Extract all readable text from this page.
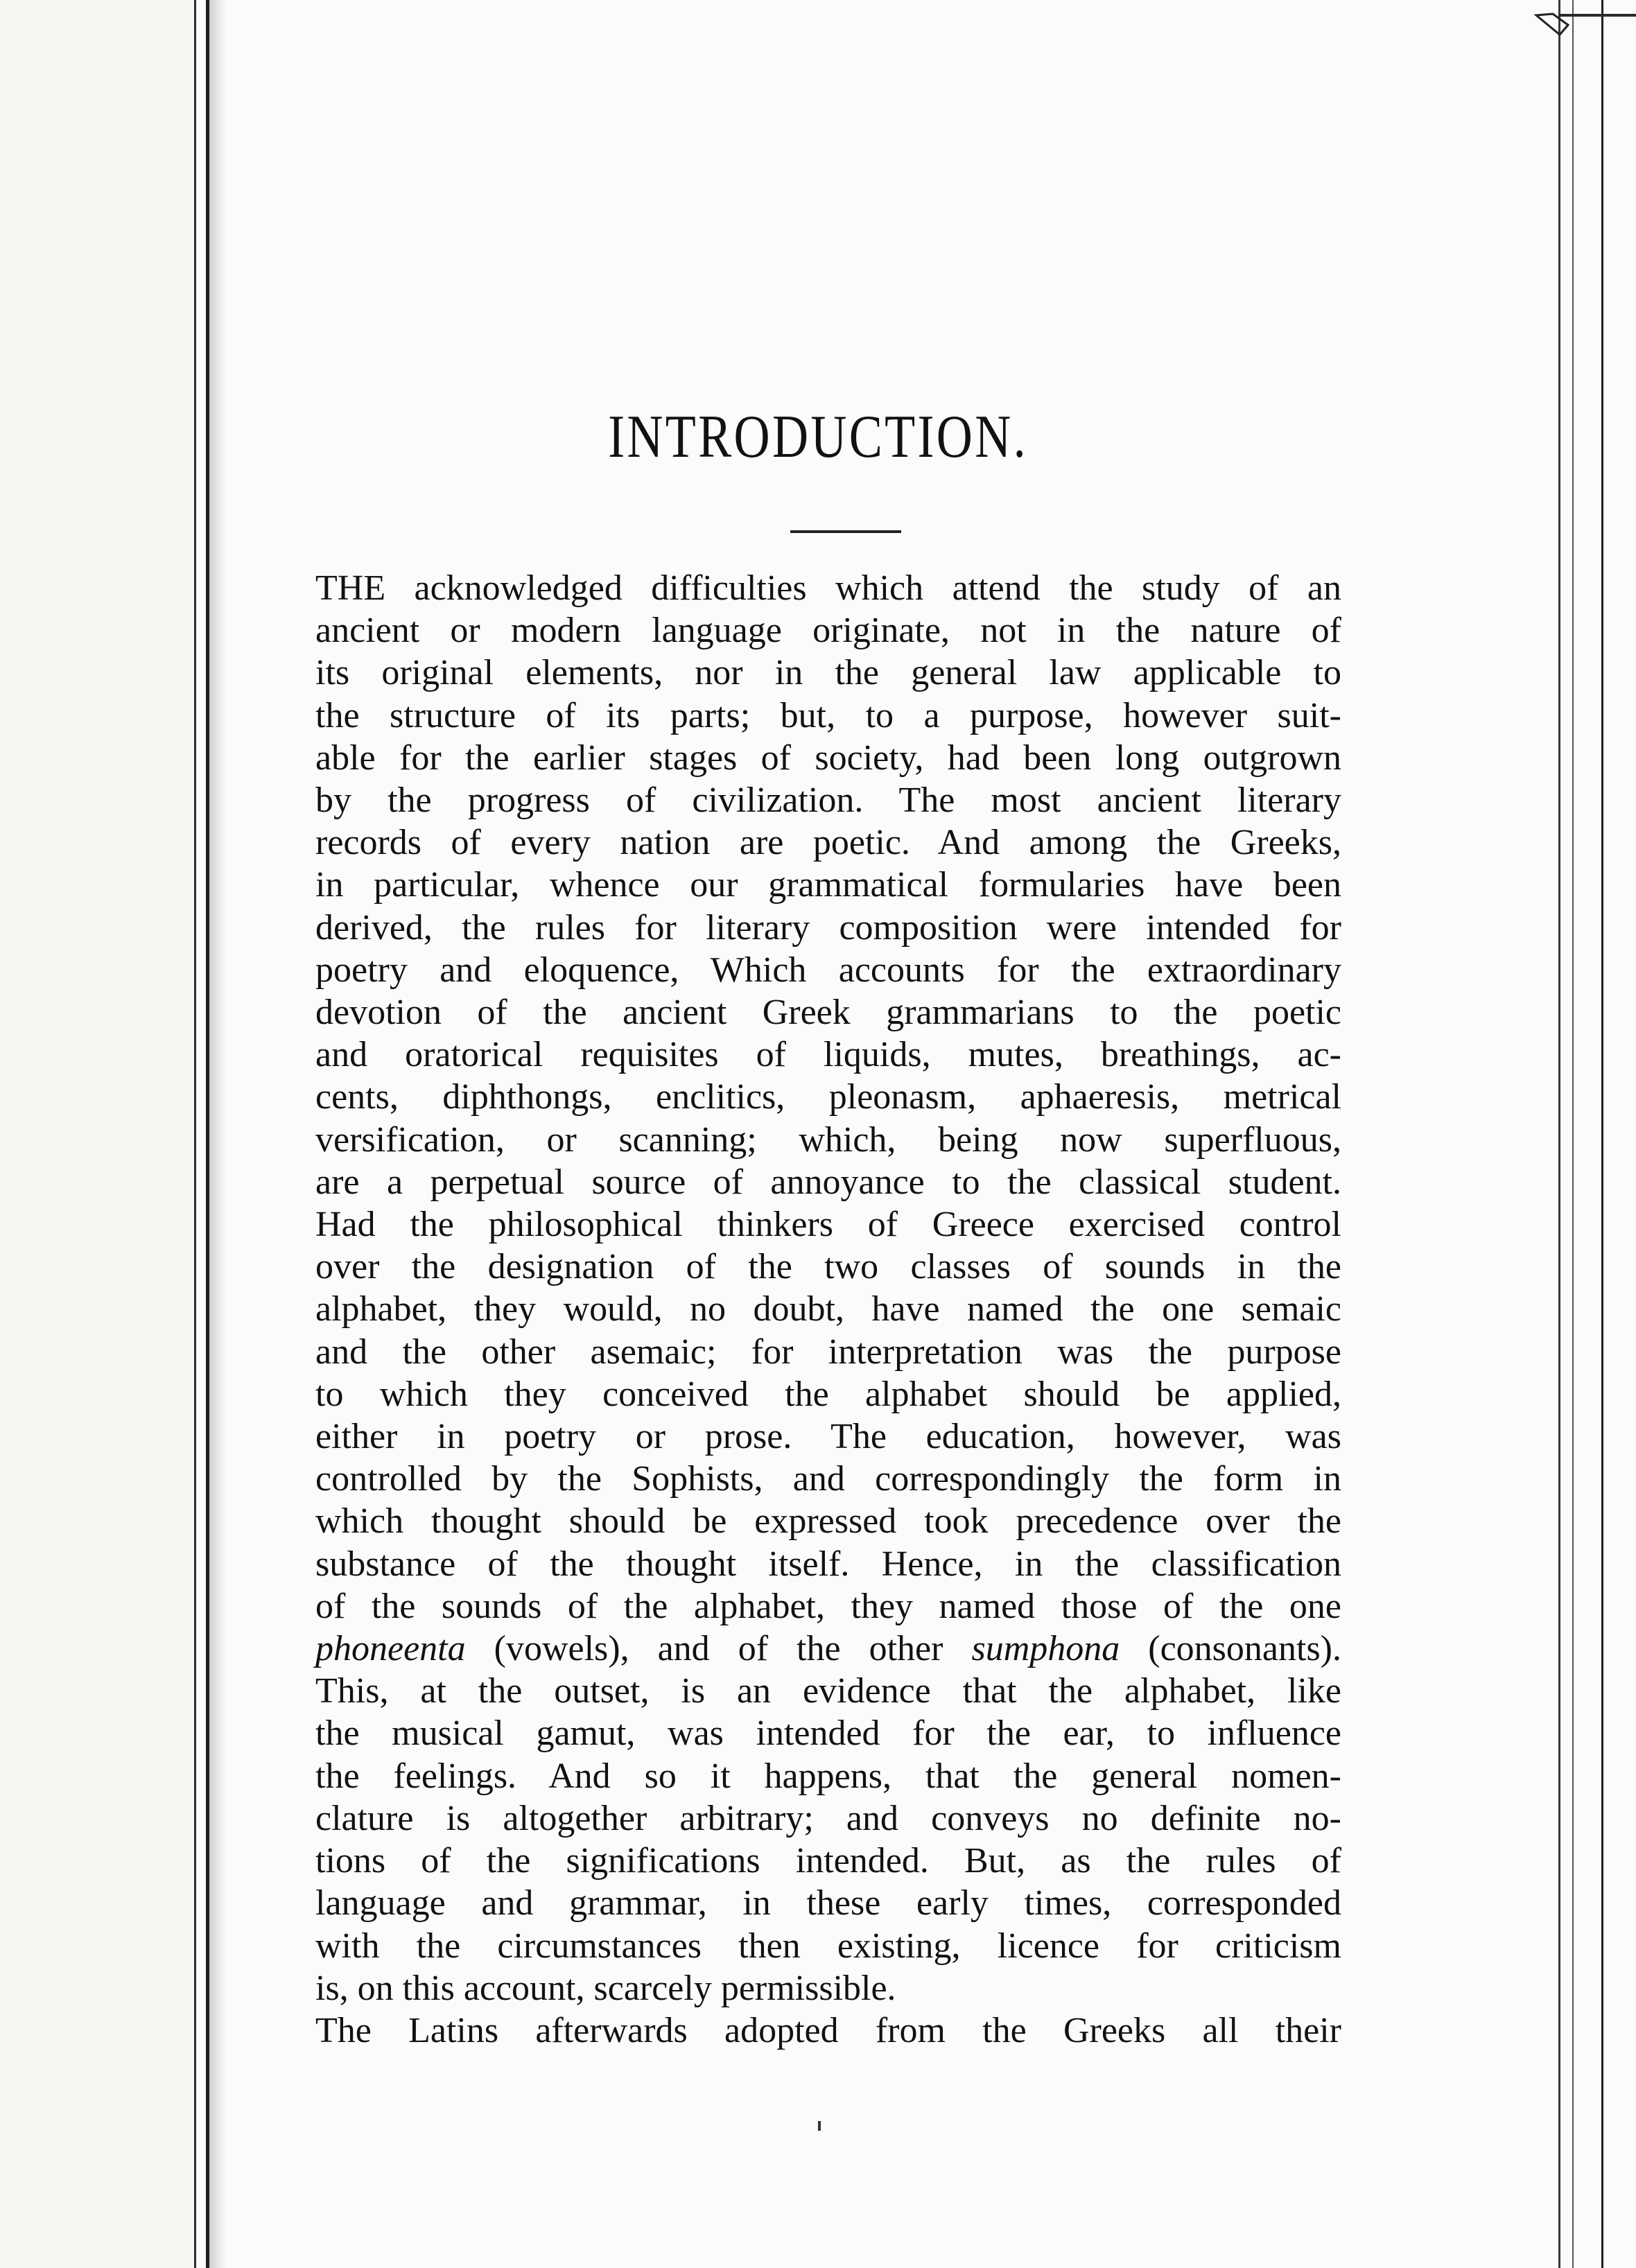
INTRODUCTION.
THE acknowledged difficulties which attend the study of an
ancient or modern language originate, not in the nature of
its original elements, nor in the general law applicable to
the structure of its parts; but, to a purpose, however suit-
able for the earlier stages of society, had been long outgrown
by the progress of civilization. The most ancient literary
records of every nation are poetic. And among the Greeks,
in particular, whence our grammatical formularies have been
derived, the rules for literary composition were intended for
poetry and eloquence, Which accounts for the extraordinary
devotion of the ancient Greek grammarians to the poetic
and oratorical requisites of liquids, mutes, breathings, ac-
cents, diphthongs, enclitics, pleonasm, aphaeresis, metrical
versification, or scanning; which, being now superfluous,
are a perpetual source of annoyance to the classical student.
Had the philosophical thinkers of Greece exercised control
over the designation of the two classes of sounds in the
alphabet, they would, no doubt, have named the one semaic
and the other asemaic; for interpretation was the purpose
to which they conceived the alphabet should be applied,
either in poetry or prose. The education, however, was
controlled by the Sophists, and correspondingly the form in
which thought should be expressed took precedence over the
substance of the thought itself. Hence, in the classification
of the sounds of the alphabet, they named those of the one
phoneenta (vowels), and of the other sumphona (consonants).
This, at the outset, is an evidence that the alphabet, like
the musical gamut, was intended for the ear, to influence
the feelings. And so it happens, that the general nomen-
clature is altogether arbitrary; and conveys no definite no-
tions of the significations intended. But, as the rules of
language and grammar, in these early times, corresponded
with the circumstances then existing, licence for criticism
is, on this account, scarcely permissible.
The Latins afterwards adopted from the Greeks all their
